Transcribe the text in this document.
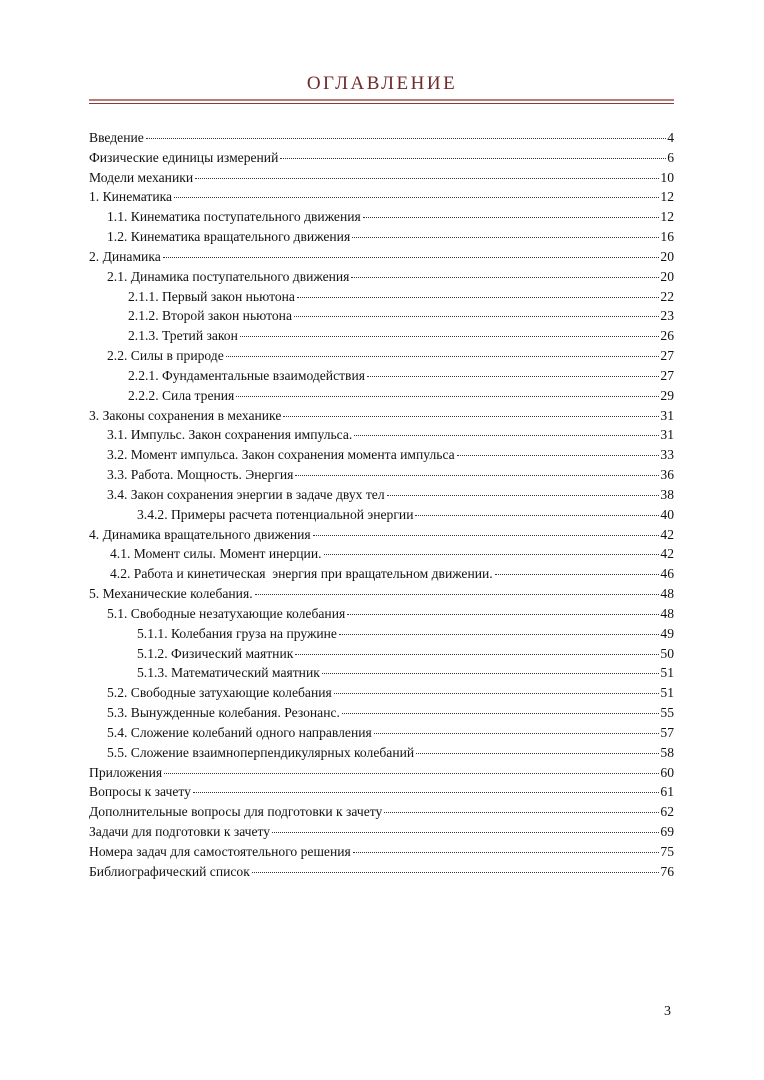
ОГЛАВЛЕНИЕ
Введение	4
Физические единицы измерений	6
Модели механики	10
1. Кинематика	12
1.1. Кинематика поступательного движения	12
1.2. Кинематика вращательного движения	16
2. Динамика	20
2.1. Динамика поступательного движения	20
2.1.1. Первый закон ньютона	22
2.1.2. Второй закон ньютона	23
2.1.3. Третий закон	26
2.2. Силы в природе	27
2.2.1. Фундаментальные взаимодействия	27
2.2.2. Сила трения	29
3. Законы сохранения в механике	31
3.1. Импульс. Закон сохранения импульса.	31
3.2. Момент импульса. Закон сохранения момента импульса	33
3.3. Работа. Мощность. Энергия	36
3.4. Закон сохранения энергии в задаче двух тел	38
3.4.2. Примеры расчета потенциальной энергии	40
4. Динамика вращательного движения	42
4.1. Момент силы. Момент инерции.	42
4.2. Работа и кинетическая  энергия при вращательном движении.	46
5. Механические колебания.	48
5.1. Свободные незатухающие колебания	48
5.1.1. Колебания груза на пружине	49
5.1.2. Физический маятник	50
5.1.3. Математический маятник	51
5.2. Свободные затухающие колебания	51
5.3. Вынужденные колебания. Резонанс.	55
5.4. Сложение колебаний одного направления	57
5.5. Сложение взаимноперпендикулярных колебаний	58
Приложения	60
Вопросы к зачету	61
Дополнительные вопросы для подготовки к зачету	62
Задачи для подготовки к зачету	69
Номера задач для самостоятельного решения	75
Библиографический список	76
3
